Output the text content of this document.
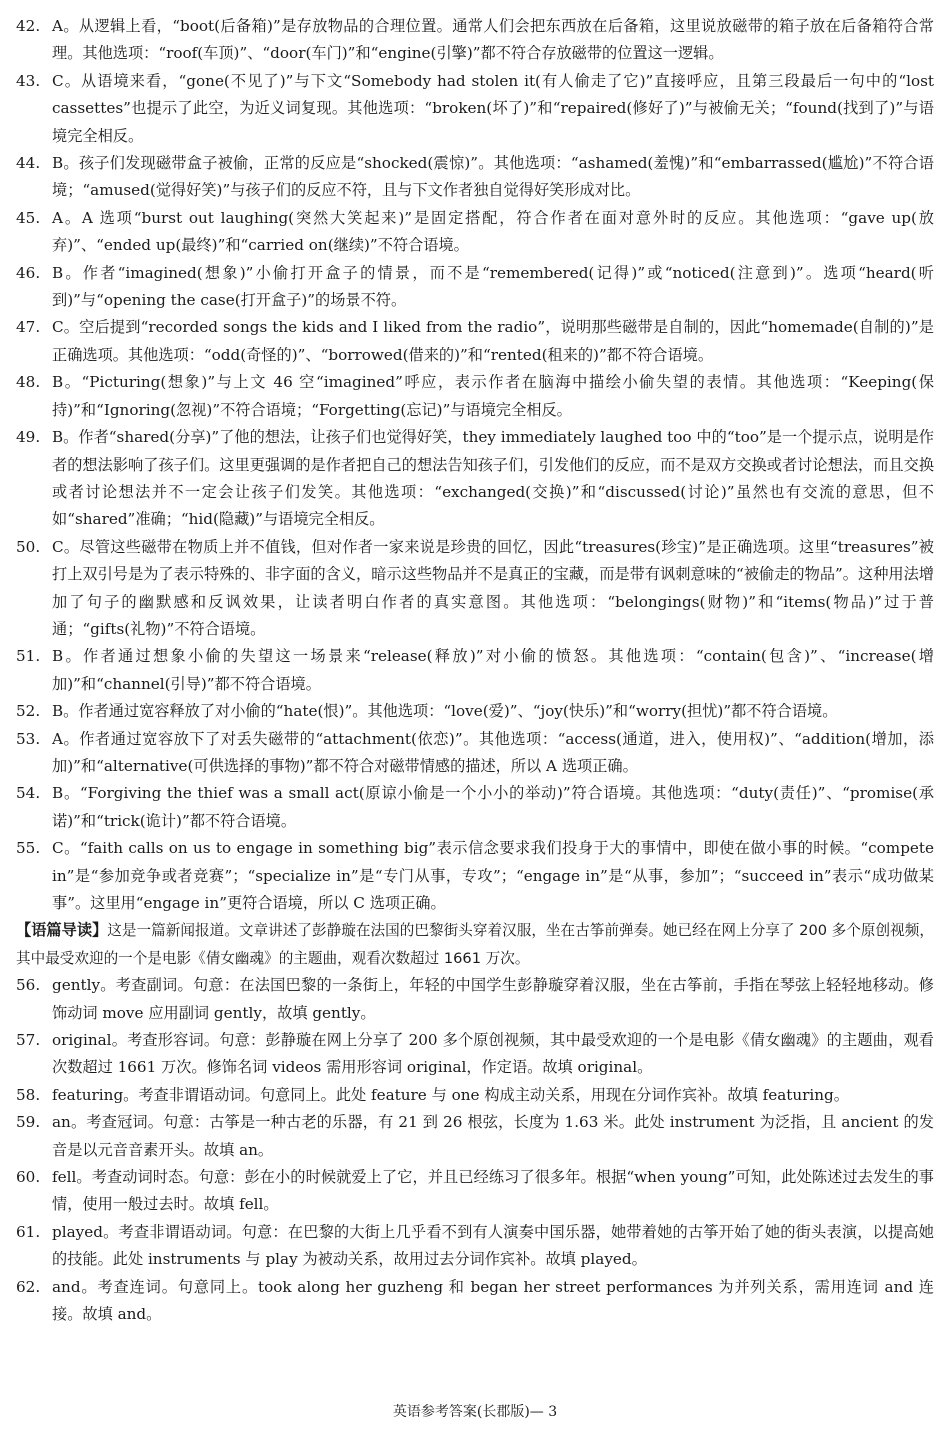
​
42. A。从逻辑上看，“boot(后备箱)”是存放物品的合理位置。通常人们会把东西放在后备箱，这里说放磁带的箱子放在后备箱符合常理。其他选项：“roof(车顶)”、“door(车门)”和“engine(引擎)”都不符合存放磁带的位置这一逻辑。
43. C。从语境来看，“gone(不见了)”与下文“Somebody had stolen it(有人偷走了它)”直接呼应，且第三段最后一句中的“lost cassettes”也提示了此空，为近义词复现。其他选项：“broken(坏了)”和“repaired(修好了)”与被偷无关；“found(找到了)”与语境完全相反。
44. B。孩子们发现磁带盒子被偷，正常的反应是“shocked(震惊)”。其他选项：“ashamed(羞愧)”和“embarrassed(尴尬)”不符合语境；“amused(觉得好笑)”与孩子们的反应不符，且与下文作者独自觉得好笑形成对比。
45. A。A 选项“burst out laughing(突然大笑起来)”是固定搭配，符合作者在面对意外时的反应。其他选项：“gave up(放弃)”、“ended up(最终)”和“carried on(继续)”不符合语境。
46. B。作者“imagined(想象)”小偷打开盒子的情景，而不是“remembered(记得)”或“noticed(注意到)”。选项“heard(听到)”与“opening the case(打开盒子)”的场景不符。
47. C。空后提到“recorded songs the kids and I liked from the radio”，说明那些磁带是自制的，因此“homemade(自制的)”是正确选项。其他选项：“odd(奇怪的)”、“borrowed(借来的)”和“rented(租来的)”都不符合语境。
48. B。“Picturing(想象)”与上文 46 空“imagined”呼应，表示作者在脑海中描绘小偷失望的表情。其他选项：“Keeping(保持)”和“Ignoring(忽视)”不符合语境；“Forgetting(忘记)”与语境完全相反。
49. B。作者“shared(分享)”了他的想法，让孩子们也觉得好笑，they immediately laughed too 中的“too”是一个提示点，说明是作者的想法影响了孩子们。这里更强调的是作者把自己的想法告知孩子们，引发他们的反应，而不是双方交换或者讨论想法，而且交换或者讨论想法并不一定会让孩子们发笑。其他选项：“exchanged(交换)”和“discussed(讨论)”虽然也有交流的意思，但不如“shared”准确；“hid(隐藏)”与语境完全相反。
50. C。尽管这些磁带在物质上并不值钱，但对作者一家来说是珍贵的回忆，因此“treasures(珍宝)”是正确选项。这里“treasures”被打上双引号是为了表示特殊的、非字面的含义，暗示这些物品并不是真正的宝藏，而是带有讽刺意味的“被偷走的物品”。这种用法增加了句子的幽默感和反讽效果，让读者明白作者的真实意图。其他选项：“belongings(财物)”和“items(物品)”过于普通；“gifts(礼物)”不符合语境。
51. B。作者通过想象小偷的失望这一场景来“release(释放)”对小偷的愤怒。其他选项：“contain(包含)”、“increase(增加)”和“channel(引导)”都不符合语境。
52. B。作者通过宽容释放了对小偷的“hate(恨)”。其他选项：“love(爱)”、“joy(快乐)”和“worry(担忧)”都不符合语境。
53. A。作者通过宽容放下了对丢失磁带的“attachment(依恋)”。其他选项：“access(通道，进入，使用权)”、“addition(增加，添加)”和“alternative(可供选择的事物)”都不符合对磁带情感的描述，所以 A 选项正确。
54. B。“Forgiving the thief was a small act(原谅小偷是一个小小的举动)”符合语境。其他选项：“duty(责任)”、“promise(承诺)”和“trick(诡计)”都不符合语境。
55. C。“faith calls on us to engage in something big”表示信念要求我们投身于大的事情中，即使在做小事的时候。“compete in”是“参加竞争或者竞赛”；“specialize in”是“专门从事，专攻”；“engage in”是“从事，参加”；“succeed in”表示“成功做某事”。这里用“engage in”更符合语境，所以 C 选项正确。
【语篇导读】这是一篇新闻报道。文章讲述了彭静璇在法国的巴黎街头穿着汉服，坐在古筝前弹奏。她已经在网上分享了 200 多个原创视频，其中最受欢迎的一个是电影《倩女幽魂》的主题曲，观看次数超过 1661 万次。
56. gently。考查副词。句意：在法国巴黎的一条街上，年轻的中国学生彭静璇穿着汉服，坐在古筝前，手指在琴弦上轻轻地移动。修饰动词 move 应用副词 gently，故填 gently。
57. original。考查形容词。句意：彭静璇在网上分享了 200 多个原创视频，其中最受欢迎的一个是电影《倩女幽魂》的主题曲，观看次数超过 1661 万次。修饰名词 videos 需用形容词 original，作定语。故填 original。
58. featuring。考查非谓语动词。句意同上。此处 feature 与 one 构成主动关系，用现在分词作宾补。故填 featuring。
59. an。考查冠词。句意：古筝是一种古老的乐器，有 21 到 26 根弦，长度为 1.63 米。此处 instrument 为泛指，且 ancient 的发音是以元音音素开头。故填 an。
60. fell。考查动词时态。句意：彭在小的时候就爱上了它，并且已经练习了很多年。根据“when young”可知，此处陈述过去发生的事情，使用一般过去时。故填 fell。
61. played。考查非谓语动词。句意：在巴黎的大街上几乎看不到有人演奏中国乐器，她带着她的古筝开始了她的街头表演，以提高她的技能。此处 instruments 与 play 为被动关系，故用过去分词作宾补。故填 played。
62. and。考查连词。句意同上。took along her guzheng 和 began her street performances 为并列关系，需用连词 and 连接。故填 and。
英语参考答案(长郡版)— 3
